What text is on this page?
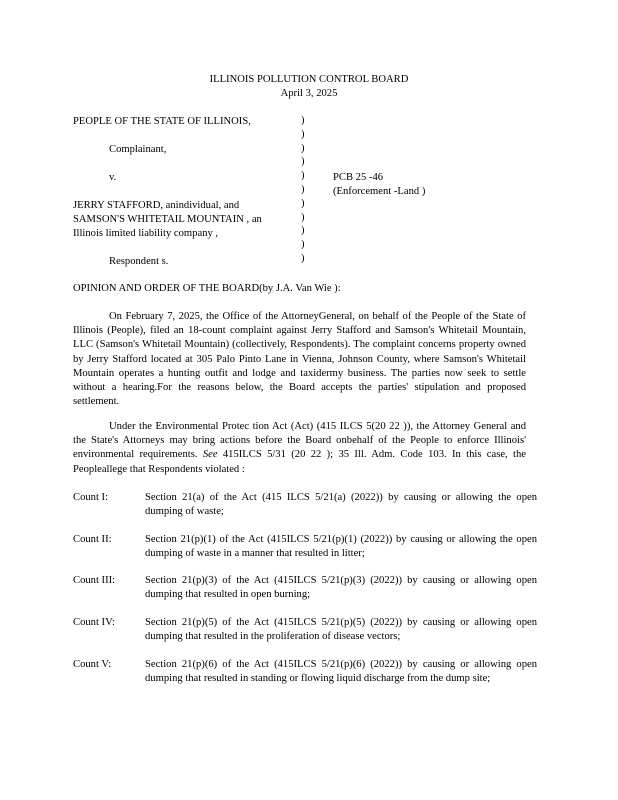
ILLINOIS POLLUTION CONTROL BOARD
April 3, 2025
PEOPLE OF THE STATE OF ILLINOIS,
Complainant,
v.
JERRY STAFFORD, anindividual, and
SAMSON'S WHITETAIL MOUNTAIN , an
Illinois limited liability company ,
Respondent s.
)
)
)
)
)
)
)
)
)
)
)
PCB 25 -46
(Enforcement -Land )
OPINION AND ORDER OF THE BOARD(by J.A. Van Wie ):
On February 7, 2025, the Office of the AttorneyGeneral, on behalf of the People of the State of Illinois (People), filed an 18-count complaint against Jerry Stafford and Samson's Whitetail Mountain, LLC (Samson's Whitetail Mountain) (collectively, Respondents). The complaint concerns property owned by Jerry Stafford located at 305 Palo Pinto Lane in Vienna, Johnson County, where Samson's Whitetail Mountain operates a hunting outfit and lodge and taxidermy business. The parties now seek to settle without a hearing.For the reasons below, the Board accepts the parties' stipulation and proposed settlement.
Under the Environmental Protec tion Act (Act) (415 ILCS 5(20 22 )), the Attorney General and the State's Attorneys may bring actions before the Board onbehalf of the People to enforce Illinois' environmental requirements. See 415ILCS 5/31 (20 22 ); 35 Ill. Adm. Code 103. In this case, the Peopleallege that Respondents violated :
Count I:	Section 21(a) of the Act (415 ILCS 5/21(a) (2022)) by causing or allowing the open dumping of waste;
Count II:	Section 21(p)(1) of the Act (415ILCS 5/21(p)(1) (2022)) by causing or allowing the open dumping of waste in a manner that resulted in litter;
Count III:	Section 21(p)(3) of the Act (415ILCS 5/21(p)(3) (2022)) by causing or allowing open dumping that resulted in open burning;
Count IV:	Section 21(p)(5) of the Act (415ILCS 5/21(p)(5) (2022)) by causing or allowing open dumping that resulted in the proliferation of disease vectors;
Count V:	Section 21(p)(6) of the Act (415ILCS 5/21(p)(6) (2022)) by causing or allowing open dumping that resulted in standing or flowing liquid discharge from the dump site;
